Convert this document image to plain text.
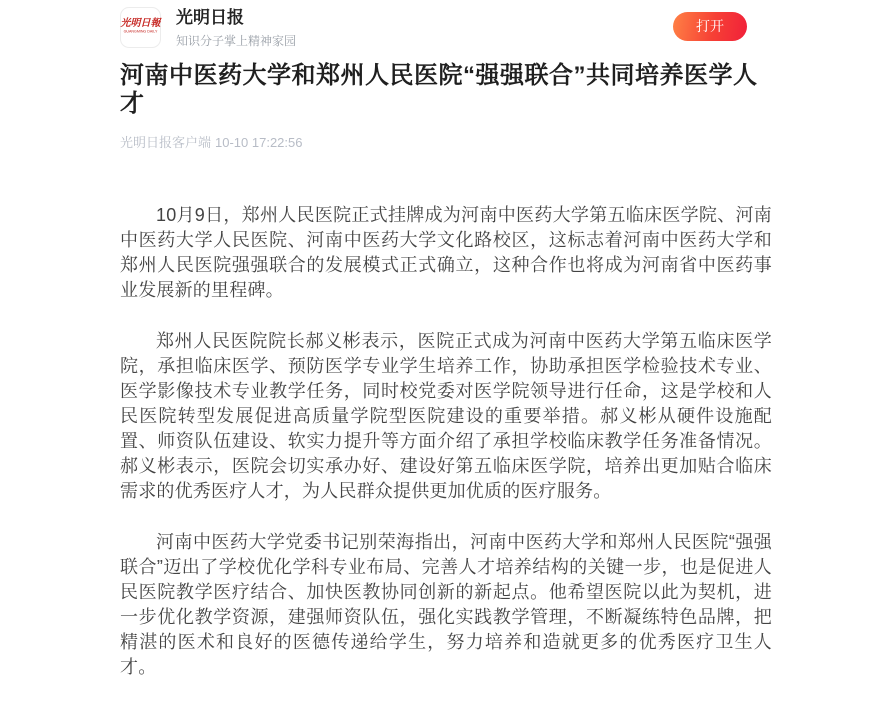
光明日報
GUANGMING DAILY
光明日报
知识分子掌上精神家园
打开
河南中医药大学和郑州人民医院“强强联合”共同培养医学人才
光明日报客户端 10-10 17:22:56

10月9日，郑州人民医院正式挂牌成为河南中医药大学第五临床医学院、河南中医药大学人民医院、河南中医药大学文化路校区，这标志着河南中医药大学和郑州人民医院强强联合的发展模式正式确立，这种合作也将成为河南省中医药事业发展新的里程碑。

郑州人民医院院长郝义彬表示，医院正式成为河南中医药大学第五临床医学院，承担临床医学、预防医学专业学生培养工作，协助承担医学检验技术专业、医学影像技术专业教学任务，同时校党委对医学院领导进行任命，这是学校和人民医院转型发展促进高质量学院型医院建设的重要举措。郝义彬从硬件设施配置、师资队伍建设、软实力提升等方面介绍了承担学校临床教学任务准备情况。郝义彬表示，医院会切实承办好、建设好第五临床医学院，培养出更加贴合临床需求的优秀医疗人才，为人民群众提供更加优质的医疗服务。

河南中医药大学党委书记别荣海指出，河南中医药大学和郑州人民医院“强强联合”迈出了学校优化学科专业布局、完善人才培养结构的关键一步，也是促进人民医院教学医疗结合、加快医教协同创新的新起点。他希望医院以此为契机，进一步优化教学资源，建强师资队伍，强化实践教学管理，不断凝练特色品牌，把精湛的医术和良好的医德传递给学生，努力培养和造就更多的优秀医疗卫生人才。
